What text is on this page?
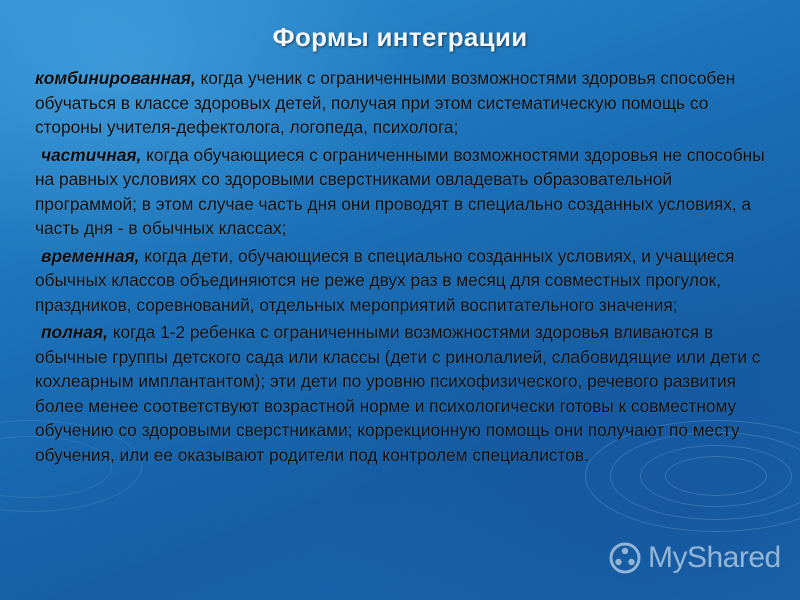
Формы интеграции

комбинированная, когда ученик с ограниченными возможностями здоровья способен обучаться в классе здоровых детей, получая при этом систематическую помощь со стороны учителя-дефектолога, логопеда, психолога;

частичная, когда обучающиеся с ограниченными возможностями здоровья не способны на равных условиях со здоровыми сверстниками овладевать образовательной программой; в этом случае часть дня они проводят в специально созданных условиях, а часть дня - в обычных классах;

временная, когда дети, обучающиеся в специально созданных условиях, и учащиеся обычных классов объединяются не реже двух раз в месяц для совместных прогулок, праздников, соревнований, отдельных мероприятий воспитательного значения;

полная, когда 1-2 ребенка с ограниченными возможностями здоровья вливаются в обычные группы детского сада или классы (дети с ринолалией, слабовидящие или дети с кохлеарным имплантантом); эти дети по уровню психофизического, речевого развития более менее соответствуют возрастной норме и психологически готовы к совместному обучению со здоровыми сверстниками; коррекционную помощь они получают по месту обучения, или ее оказывают родители под контролем специалистов.

MyShared
